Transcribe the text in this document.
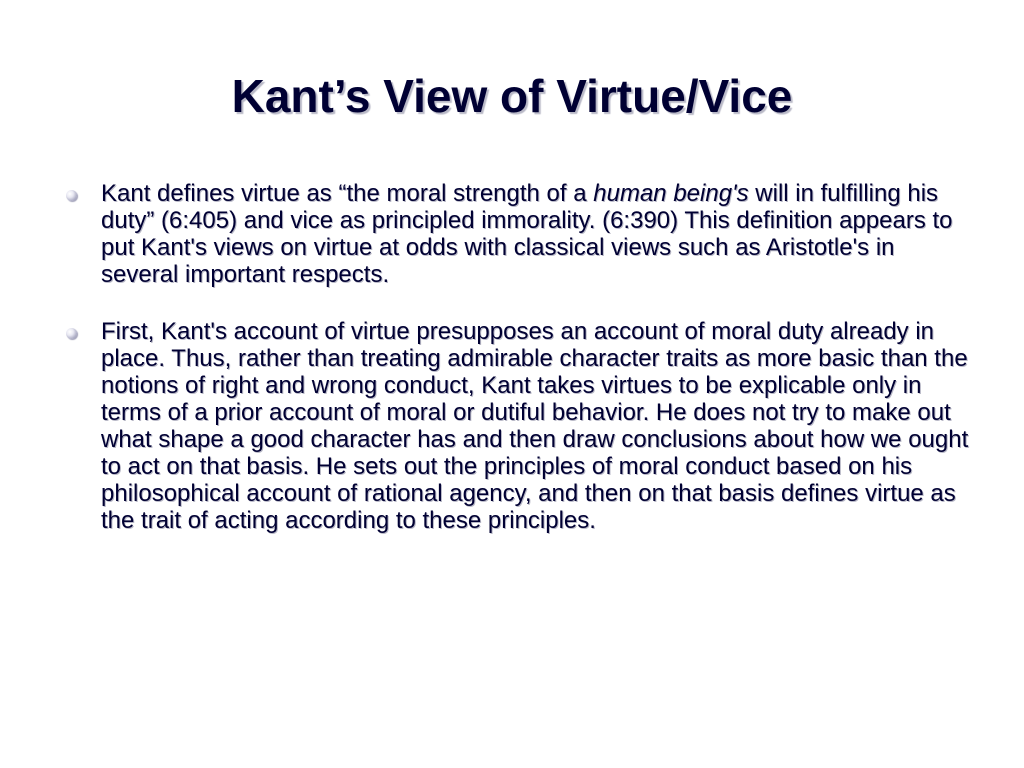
Kant’s View of Virtue/Vice
Kant defines virtue as “the moral strength of a human being's will in fulfilling his duty” (6:405) and vice as principled immorality. (6:390) This definition appears to put Kant's views on virtue at odds with classical views such as Aristotle's in several important respects.
First, Kant's account of virtue presupposes an account of moral duty already in place. Thus, rather than treating admirable character traits as more basic than the notions of right and wrong conduct, Kant takes virtues to be explicable only in terms of a prior account of moral or dutiful behavior. He does not try to make out what shape a good character has and then draw conclusions about how we ought to act on that basis. He sets out the principles of moral conduct based on his philosophical account of rational agency, and then on that basis defines virtue as the trait of acting according to these principles.
